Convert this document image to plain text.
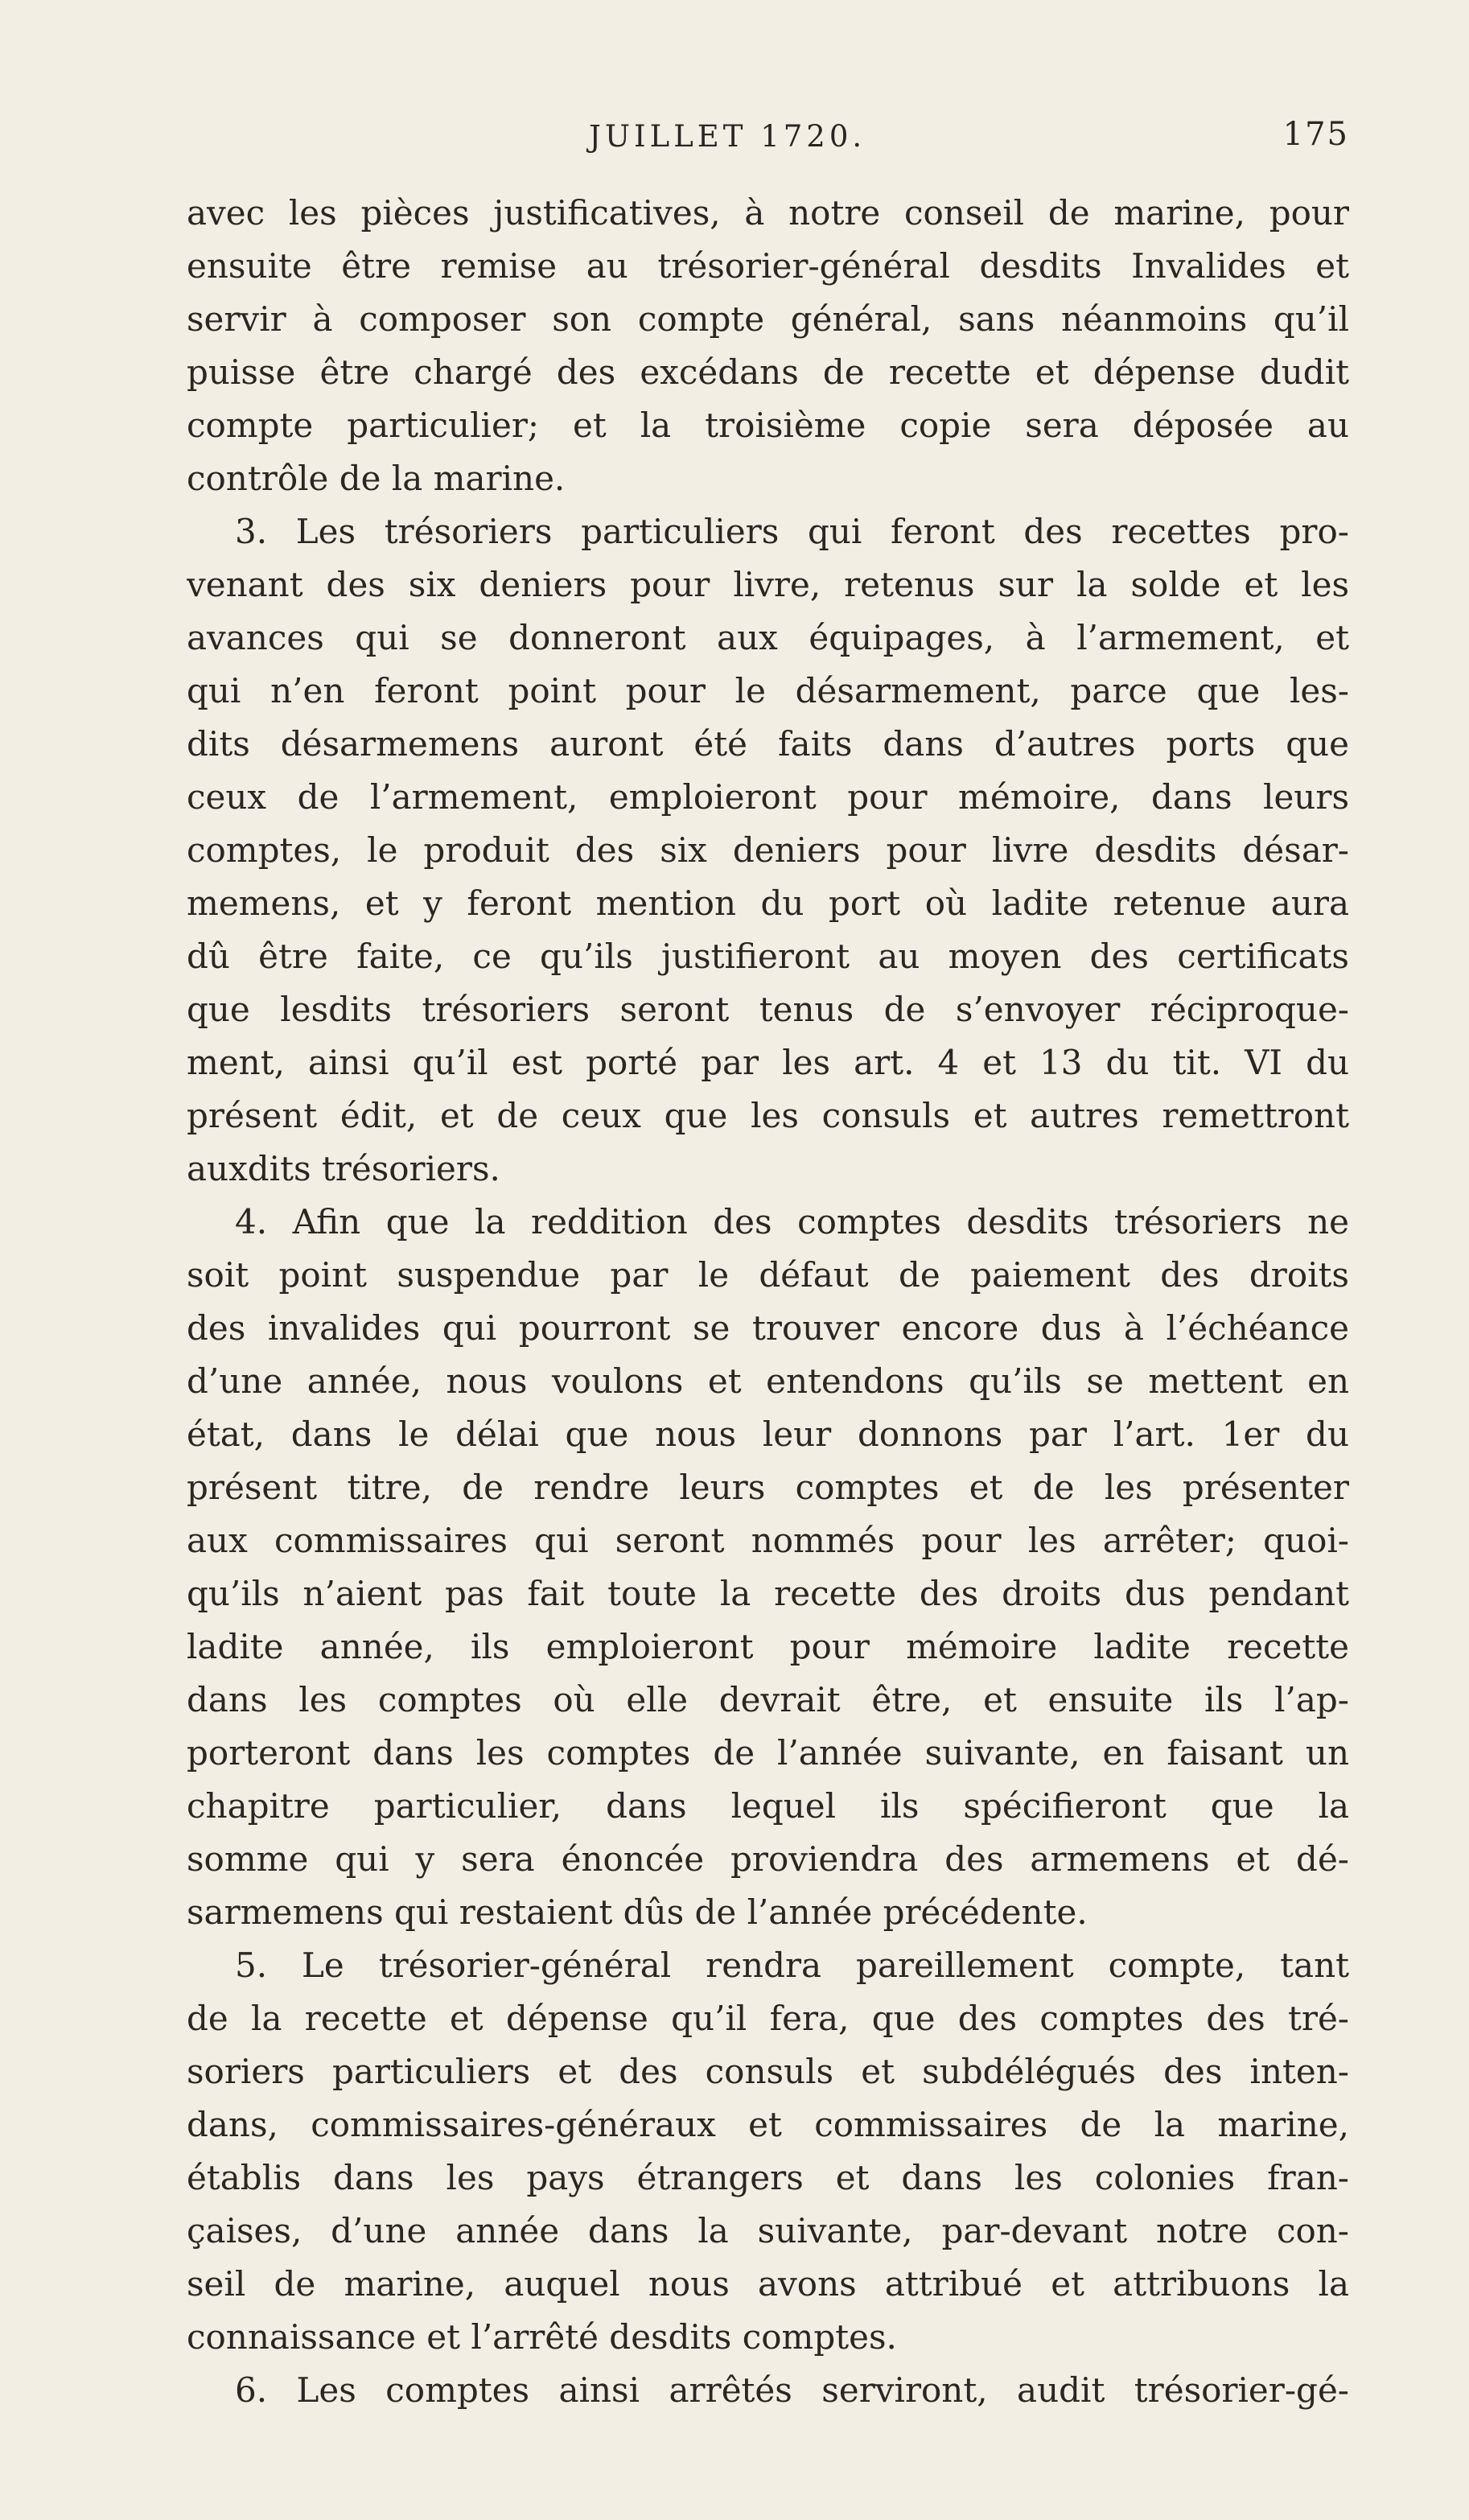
JUILLET 1720.	175
avec les pièces justificatives, à notre conseil de marine, pour
ensuite être remise au trésorier-général desdits Invalides et
servir à composer son compte général, sans néanmoins qu’il
puisse être chargé des excédans de recette et dépense dudit
compte particulier; et la troisième copie sera déposée au
contrôle de la marine.
3. Les trésoriers particuliers qui feront des recettes pro-
venant des six deniers pour livre, retenus sur la solde et les
avances qui se donneront aux équipages, à l’armement, et
qui n’en feront point pour le désarmement, parce que les-
dits désarmemens auront été faits dans d’autres ports que
ceux de l’armement, emploieront pour mémoire, dans leurs
comptes, le produit des six deniers pour livre desdits désar-
memens, et y feront mention du port où ladite retenue aura
dû être faite, ce qu’ils justifieront au moyen des certificats
que lesdits trésoriers seront tenus de s’envoyer réciproque-
ment, ainsi qu’il est porté par les art. 4 et 13 du tit. VI du
présent édit, et de ceux que les consuls et autres remettront
auxdits trésoriers.
4. Afin que la reddition des comptes desdits trésoriers ne
soit point suspendue par le défaut de paiement des droits
des invalides qui pourront se trouver encore dus à l’échéance
d’une année, nous voulons et entendons qu’ils se mettent en
état, dans le délai que nous leur donnons par l’art. 1er du
présent titre, de rendre leurs comptes et de les présenter
aux commissaires qui seront nommés pour les arrêter; quoi-
qu’ils n’aient pas fait toute la recette des droits dus pendant
ladite année, ils emploieront pour mémoire ladite recette
dans les comptes où elle devrait être, et ensuite ils l’ap-
porteront dans les comptes de l’année suivante, en faisant un
chapitre particulier, dans lequel ils spécifieront que la
somme qui y sera énoncée proviendra des armemens et dé-
sarmemens qui restaient dûs de l’année précédente.
5. Le trésorier-général rendra pareillement compte, tant
de la recette et dépense qu’il fera, que des comptes des tré-
soriers particuliers et des consuls et subdélégués des inten-
dans, commissaires-généraux et commissaires de la marine,
établis dans les pays étrangers et dans les colonies fran-
çaises, d’une année dans la suivante, par-devant notre con-
seil de marine, auquel nous avons attribué et attribuons la
connaissance et l’arrêté desdits comptes.
6. Les comptes ainsi arrêtés serviront, audit trésorier-gé-
